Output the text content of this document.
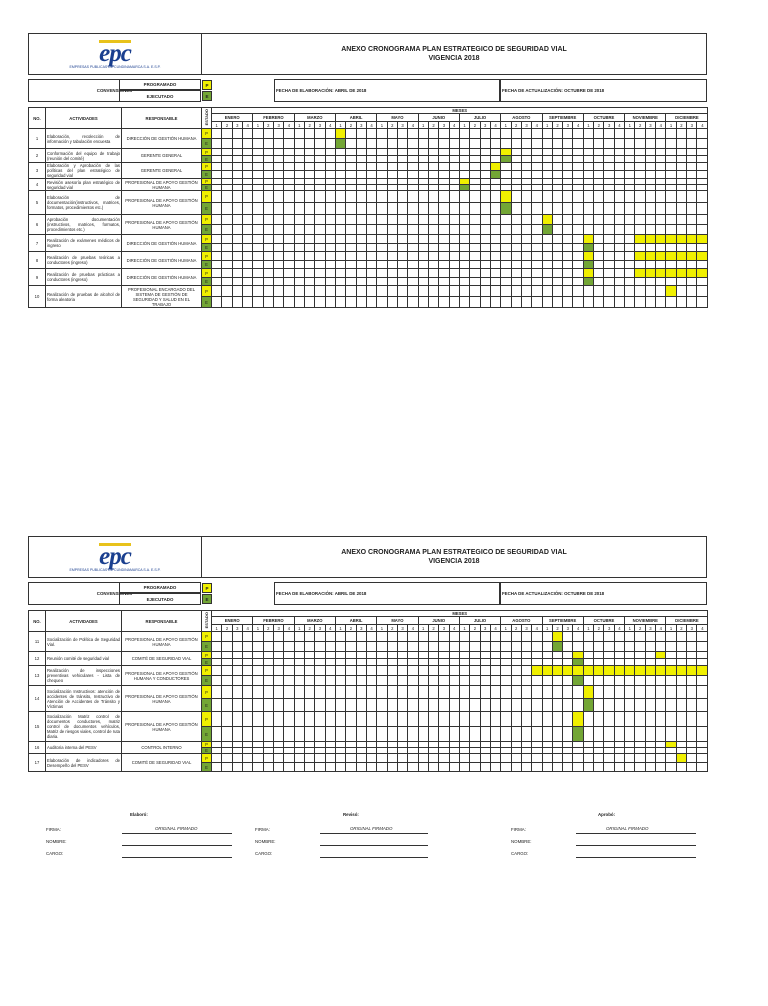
epc
EMPRESAS PUBLICAS DE CUNDINAMARCA S.A. E.S.P.
ANEXO CRONOGRAMA PLAN ESTRATEGICO DE SEGURIDAD VIAL
VIGENCIA 2018
CONVENSIONES
PROGRAMADO
EJECUTADO
P
E
FECHA DE ELABORACIÓN: ABRIL DE 2018	FECHA DE ACTUALIZACIÓN: OCTUBRE DE 2018
NO.	ACTIVIDADES	RESPONSABLE	ESTADO	MESES																																															
				ENERO				FEBRERO				MARZO				ABRIL				MAYO				JUNIO				JULIO				AGOSTO				SEPTIEMBRE				OCTUBRE				NOVIEMBRE				DICIEMBRE			
				1	2	3	4	1	2	3	4	1	2	3	4	1	2	3	4	1	2	3	4	1	2	3	4	1	2	3	4	1	2	3	4	1	2	3	4	1	2	3	4	1	2	3	4	1	2	3	4
1	Elaboración, recolección de información y tabulación encuesta	DIRECCIÓN DE GESTIÓN HUMANA	P																																																
			E																																																
2	Conformación del equipo de trabajo (reunión del comité)	GERENTE GENERAL	P																																																
			E																																																
3	Elaboración y Aprobación de las políticas del plan estratégico de seguridad vial	GERENTE GENERAL	P																																																
			E																																																
4	Revisión asesoría plan estratégico de seguridad vial	PROFESIONAL DE APOYO GESTIÓN HUMANA	P																																																
			E																																																
5	Elaboración de documentación(instructivos, matrices, formatos, procedimientos etc.)	PROFESIONAL DE APOYO GESTIÓN HUMANA	P																																																
			E																																																
6	Aprobación documentación (instructivos, matrices, formatos, procedimientos etc.)	PROFESIONAL DE APOYO GESTIÓN HUMANA	P																																																
			E																																																
7	Realización de exámenes médicos de ingreso	DIRECCIÓN DE GESTIÓN HUMANA	P																																																
			E																																																
8	Realización de pruebas teóricas a conductores (ingreso)	DIRECCIÓN DE GESTIÓN HUMANA	P																																																
			E																																																
9	Realización de pruebas prácticas a conductores (ingreso)	DIRECCIÓN DE GESTIÓN HUMANA	P																																																
			E																																																
10	Realización de pruebas de alcohol de forma aleatoria	PROFESIONAL ENCARGADO DEL SISTEMA DE GESTIÓN DE SEGURIDAD Y SALUD EN EL TRABAJO	P																																																
			E																																																
epc
EMPRESAS PUBLICAS DE CUNDINAMARCA S.A. E.S.P.
ANEXO CRONOGRAMA PLAN ESTRATEGICO DE SEGURIDAD VIAL
VIGENCIA 2018
CONVENSIONES
PROGRAMADO
EJECUTADO
P
E
FECHA DE ELABORACIÓN: ABRIL DE 2018	FECHA DE ACTUALIZACIÓN: OCTUBRE DE 2018
NO.	ACTIVIDADES	RESPONSABLE	ESTADO	MESES																																															
				ENERO				FEBRERO				MARZO				ABRIL				MAYO				JUNIO				JULIO				AGOSTO				SEPTIEMBRE				OCTUBRE				NOVIEMBRE				DICIEMBRE			
				1	2	3	4	1	2	3	4	1	2	3	4	1	2	3	4	1	2	3	4	1	2	3	4	1	2	3	4	1	2	3	4	1	2	3	4	1	2	3	4	1	2	3	4	1	2	3	4
11	Socialización de Política de Seguridad Vial.	PROFESIONAL DE APOYO GESTIÓN HUMANA	P																																																
			E																																																
12	Reunión comité de seguridad vial	COMITÉ DE SEGURIDAD VIAL	P																																																
			E																																																
13	Realización de inspecciones preventivas vehiculares - Lista de chequeo	PROFESIONAL DE APOYO GESTIÓN HUMANA Y CONDUCTORES	P																																																
			E																																																
14	Socialización Instructivos: atención de accidentes de tránsito, Instructivo de Atención de Accidentes de Tránsito y Víctimas	PROFESIONAL DE APOYO GESTIÓN HUMANA	P																																																
			E																																																
15	Socialización Matriz control de documentos conductores, matriz control de documentos vehículos, Matriz de riesgos viales, control de ruta diaria.	PROFESIONAL DE APOYO GESTIÓN HUMANA	P																																																
			E																																																
16	Auditoria interna del PESV	CONTROL INTERNO	P																																																
			E																																																
17	Elaboración de indicadores de Desempeño del PESV	COMITÉ DE SEGURIDAD VIAL	P																																																
			E																																																
Elaboró:	Revisó:	Aprobó:
FIRMA:	ORIGINAL FIRMADO
NOMBRE:
CARGO:
FIRMA:	ORIGINAL FIRMADO
NOMBRE:
CARGO:
FIRMA:	ORIGINAL FIRMADO
NOMBRE:
CARGO:
